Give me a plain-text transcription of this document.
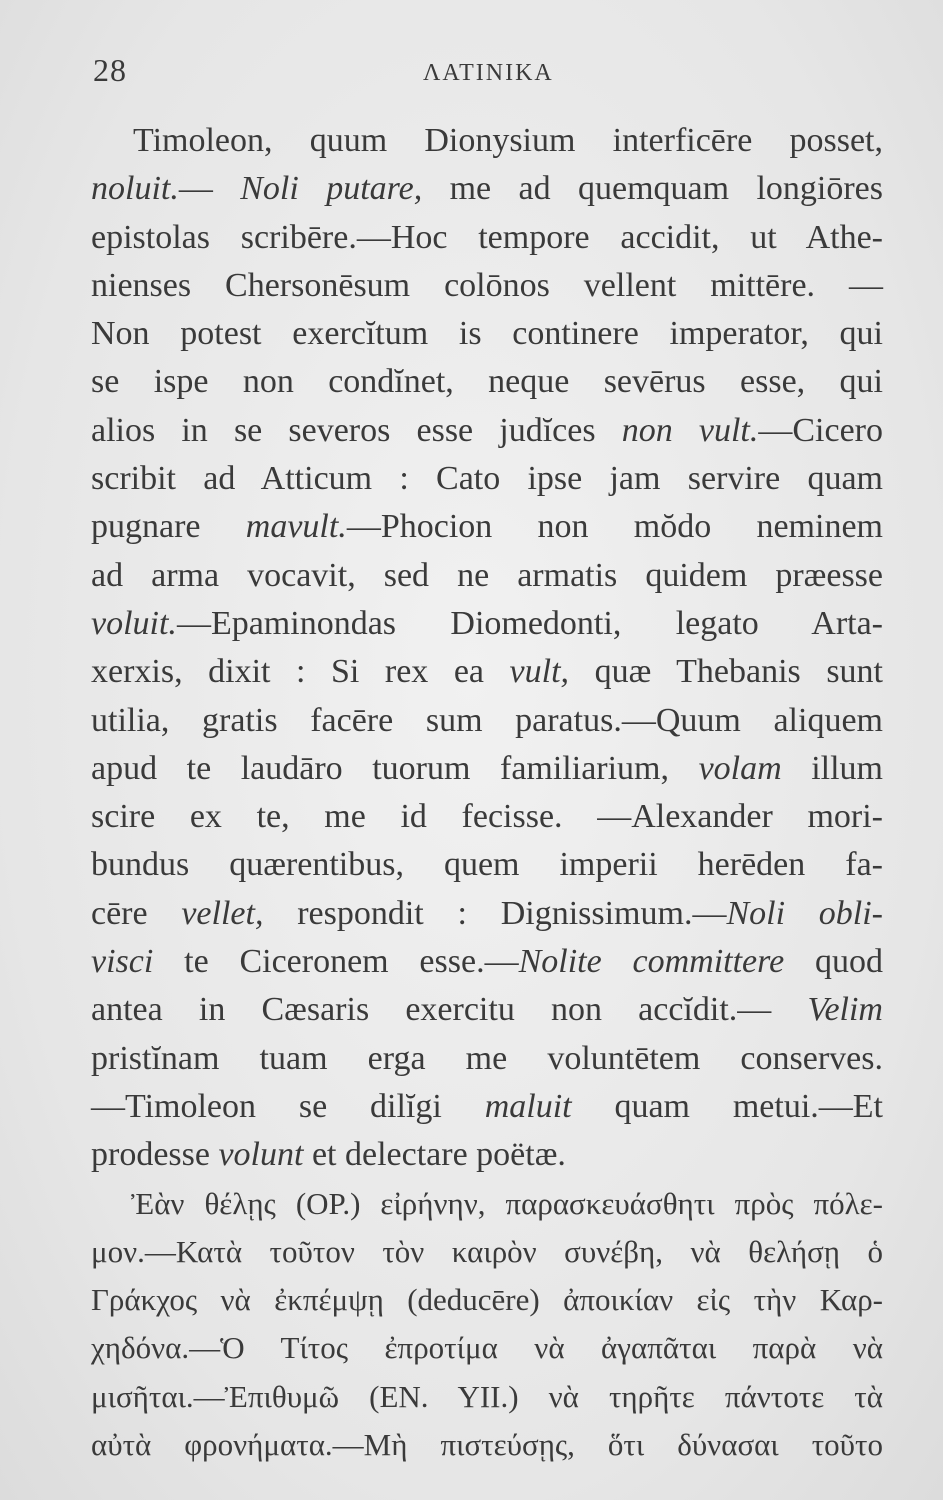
28	ΛΑΤΙΝΙΚΑ
Timoleon, quum Dionysium interficēre posset,
noluit.— Noli putare, me ad quemquam longiōres
epistolas scribēre.—Hoc tempore accidit, ut Athe-
nienses Chersonēsum colōnos vellent mittēre. —
Non potest exercĭtum is continere imperator, qui
se ispe non condĭnet, neque sevērus esse, qui
alios in se severos esse judĭces non vult.—Cicero
scribit ad Atticum : Cato ipse jam servire quam
pugnare mavult.—Phocion non mŏdo neminem
ad arma vocavit, sed ne armatis quidem præesse
voluit.—Epaminondas Diomedonti, legato Arta-
xerxis, dixit : Si rex ea vult, quæ Thebanis sunt
utilia, gratis facēre sum paratus.—Quum aliquem
apud te laudāro tuorum familiarium, volam illum
scire ex te, me id fecisse. —Alexander mori-
bundus quærentibus, quem imperii herēden fa-
cēre vellet, respondit : Dignissimum.—Noli obli-
visci te Ciceronem esse.—Nolite committere quod
antea in Cæsaris exercitu non accĭdit.— Velim
pristĭnam tuam erga me voluntētem conserves.
—Timoleon se dilĭgi maluit quam metui.—Et
prodesse volunt et delectare poëtæ.
Ἐὰν θέλῃς (OP.) εἰρήνην, παρασκευάσθητι πρὸς πόλε-
μον.—Κατὰ τοῦτον τὸν καιρὸν συνέβη, νὰ θελήσῃ ὁ
Γράκχος νὰ ἐκπέμψῃ (deducēre) ἀποικίαν εἰς τὴν Καρ-
χηδόνα.—Ὁ Τίτος ἐπροτίμα νὰ ἀγαπᾶται παρὰ νὰ
μισῆται.—Ἐπιθυμῶ (ΕΝ. ΥΙΙ.) νὰ τηρῆτε πάντοτε τὰ
αὐτὰ φρονήματα.—Μὴ πιστεύσῃς, ὅτι δύνασαι τοῦτο
